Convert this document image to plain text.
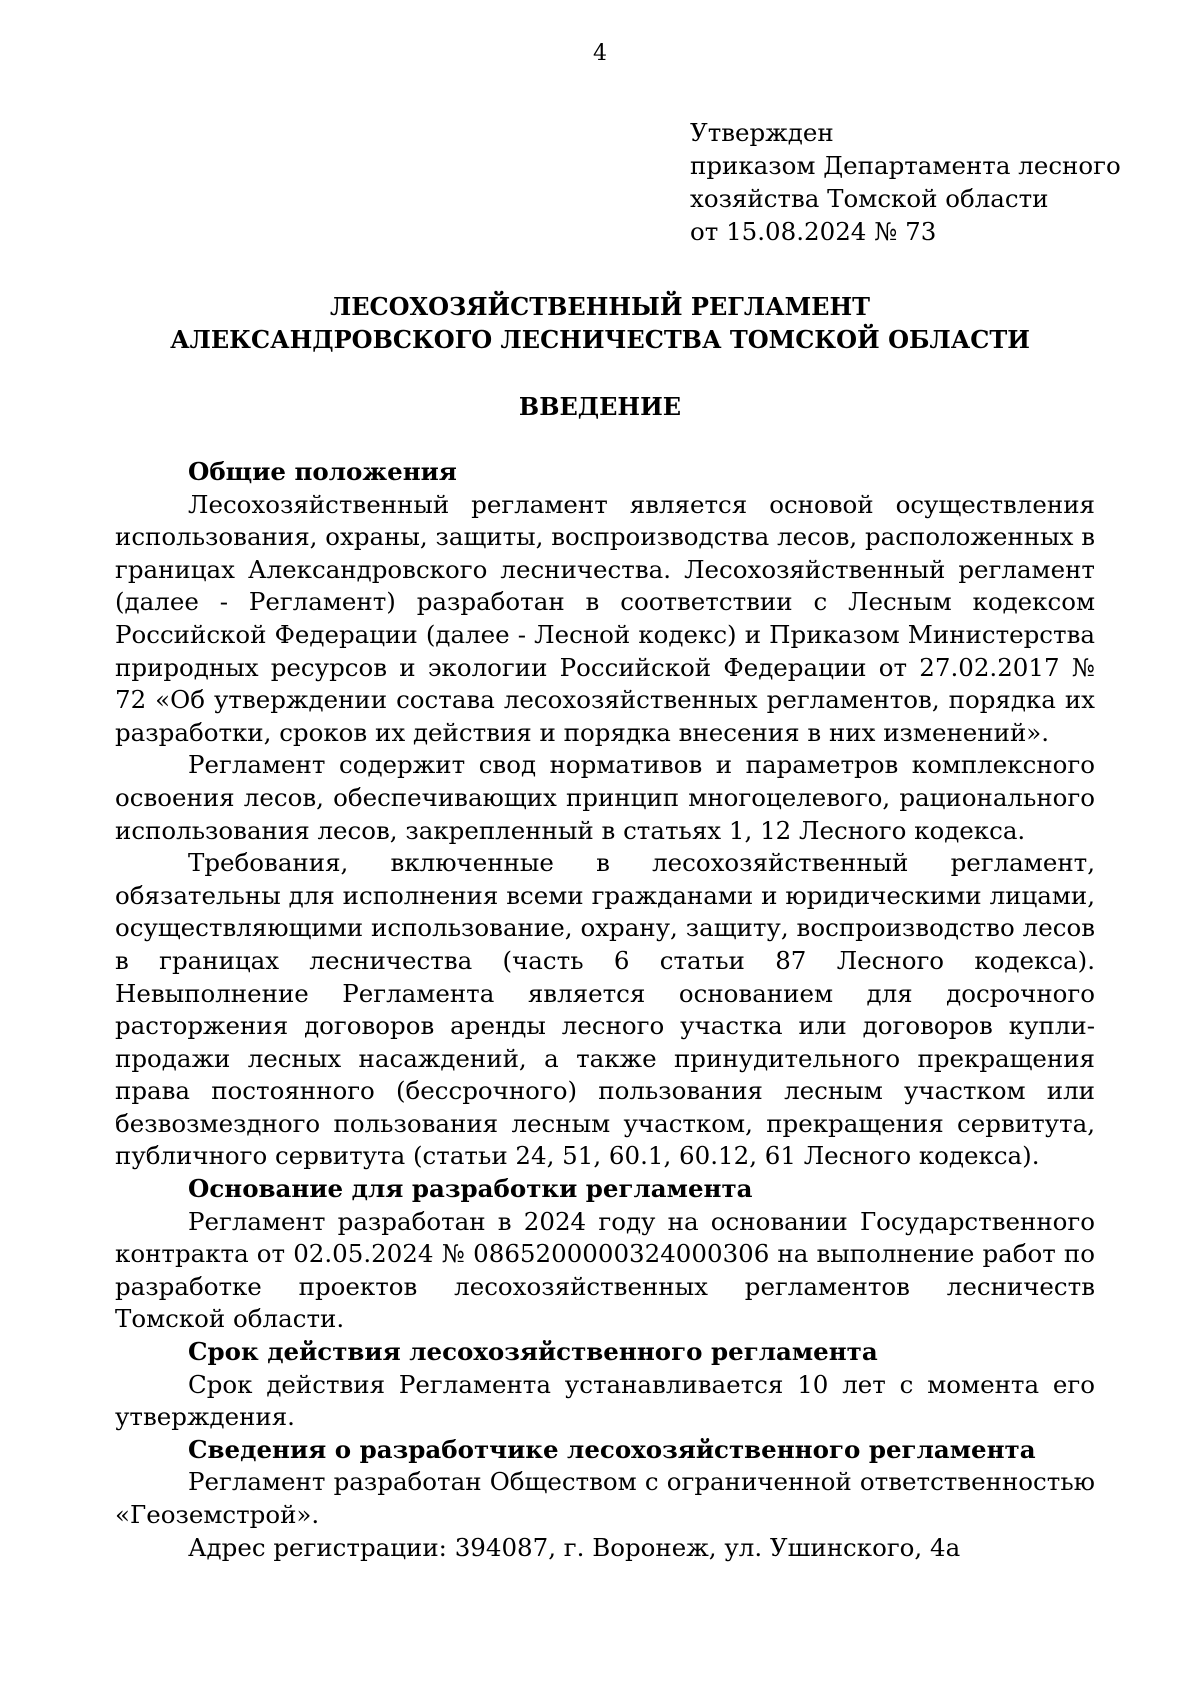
4
Утвержден
приказом Департамента лесного
хозяйства Томской области
от 15.08.2024 № 73
ЛЕСОХОЗЯЙСТВЕННЫЙ РЕГЛАМЕНТ
АЛЕКСАНДРОВСКОГО ЛЕСНИЧЕСТВА ТОМСКОЙ ОБЛАСТИ
ВВЕДЕНИЕ

Общие положения

Лесохозяйственный регламент является основой осуществления использования, охраны, защиты, воспроизводства лесов, расположенных в границах Александровского лесничества. Лесохозяйственный регламент (далее - Регламент) разработан в соответствии с Лесным кодексом Российской Федерации (далее - Лесной кодекс) и Приказом Министерства природных ресурсов и экологии Российской Федерации от 27.02.2017 № 72 «Об утверждении состава лесохозяйственных регламентов, порядка их разработки, сроков их действия и порядка внесения в них изменений».

Регламент содержит свод нормативов и параметров комплексного освоения лесов, обеспечивающих принцип многоцелевого, рационального использования лесов, закрепленный в статьях 1, 12 Лесного кодекса.

Требования, включенные в лесохозяйственный регламент, обязательны для исполнения всеми гражданами и юридическими лицами, осуществляющими использование, охрану, защиту, воспроизводство лесов в границах лесничества (часть 6 статьи 87 Лесного кодекса). Невыполнение Регламента является основанием для досрочного расторжения договоров аренды лесного участка или договоров купли-продажи лесных насаждений, а также принудительного прекращения права постоянного (бессрочного) пользования лесным участком или безвозмездного пользования лесным участком, прекращения сервитута, публичного сервитута (статьи 24, 51, 60.1, 60.12, 61 Лесного кодекса).

Основание для разработки регламента

Регламент разработан в 2024 году на основании Государственного контракта от 02.05.2024 № 0865200000324000306 на выполнение работ по разработке проектов лесохозяйственных регламентов лесничеств Томской области.

Срок действия лесохозяйственного регламента

Срок действия Регламента устанавливается 10 лет с момента его утверждения.

Сведения о разработчике лесохозяйственного регламента

Регламент разработан Обществом с ограниченной ответственностью «Геоземстрой».

Адрес регистрации: 394087, г. Воронеж, ул. Ушинского, 4а
